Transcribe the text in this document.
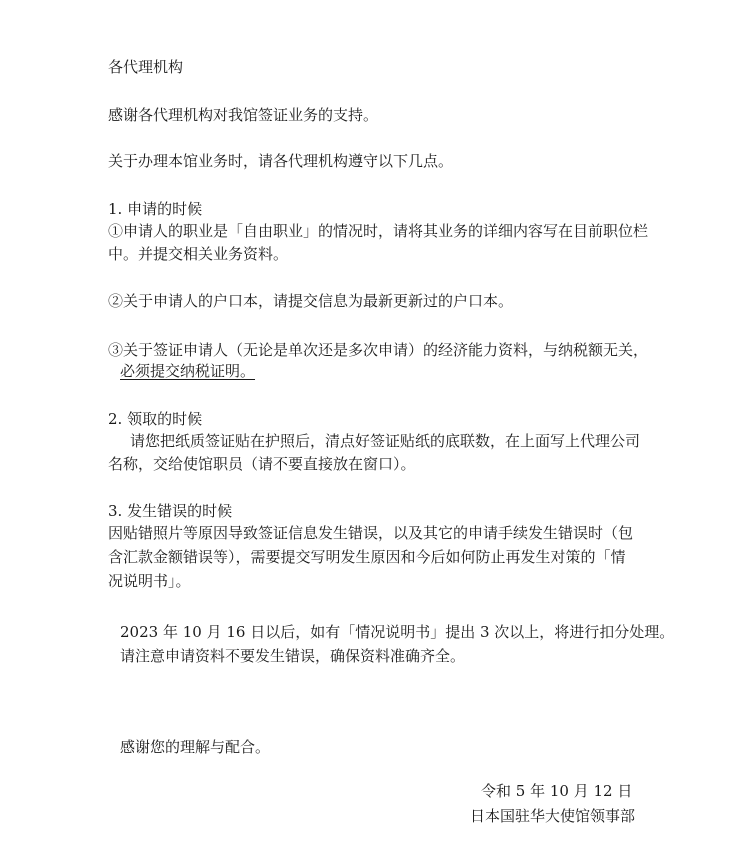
各代理机构
感谢各代理机构对我馆签证业务的支持。
关于办理本馆业务时，请各代理机构遵守以下几点。
1. 申请的时候
①申请人的职业是「自由职业」的情况时，请将其业务的详细内容写在目前职位栏
中。并提交相关业务资料。
②关于申请人的户口本，请提交信息为最新更新过的户口本。
③关于签证申请人（无论是单次还是多次申请）的经济能力资料，与纳税额无关，
必须提交纳税证明。
2. 领取的时候
请您把纸质签证贴在护照后，清点好签证贴纸的底联数，在上面写上代理公司
名称，交给使馆职员（请不要直接放在窗口）。
3. 发生错误的时候
因贴错照片等原因导致签证信息发生错误，以及其它的申请手续发生错误时（包
含汇款金额错误等），需要提交写明发生原因和今后如何防止再发生对策的「情
况说明书」。
2023 年 10 月 16 日以后，如有「情况说明书」提出 3 次以上，将进行扣分处理。
请注意申请资料不要发生错误，确保资料准确齐全。
感谢您的理解与配合。
令和 5 年 10 月 12 日
日本国驻华大使馆领事部
